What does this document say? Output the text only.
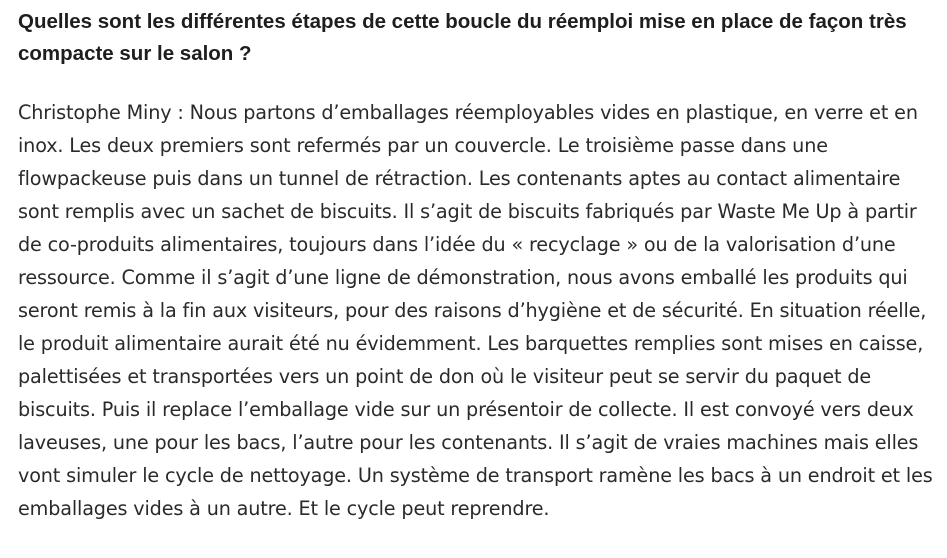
Quelles sont les différentes étapes de cette boucle du réemploi mise en place de façon très compacte sur le salon ?

Christophe Miny : Nous partons d’emballages réemployables vides en plastique, en verre et en inox. Les deux premiers sont refermés par un couvercle. Le troisième passe dans une flowpackeuse puis dans un tunnel de rétraction. Les contenants aptes au contact alimentaire sont remplis avec un sachet de biscuits. Il s’agit de biscuits fabriqués par Waste Me Up à partir de co-produits alimentaires, toujours dans l’idée du « recyclage » ou de la valorisation d’une ressource. Comme il s’agit d’une ligne de démonstration, nous avons emballé les produits qui seront remis à la fin aux visiteurs, pour des raisons d’hygiène et de sécurité. En situation réelle, le produit alimentaire aurait été nu évidemment. Les barquettes remplies sont mises en caisse, palettisées et transportées vers un point de don où le visiteur peut se servir du paquet de biscuits. Puis il replace l’emballage vide sur un présentoir de collecte. Il est convoyé vers deux laveuses, une pour les bacs, l’autre pour les contenants. Il s’agit de vraies machines mais elles vont simuler le cycle de nettoyage. Un système de transport ramène les bacs à un endroit et les emballages vides à un autre. Et le cycle peut reprendre.
